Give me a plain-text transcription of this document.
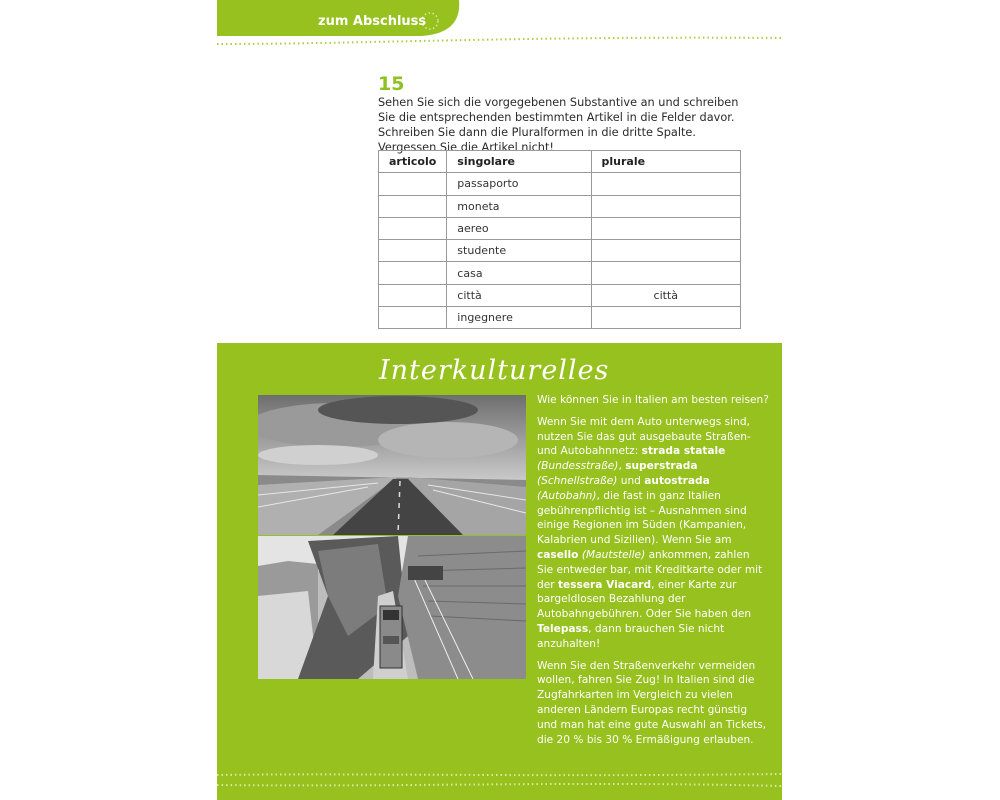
zum Abschluss
15
Sehen Sie sich die vorgegebenen Substantive an und schreiben Sie die entsprechenden bestimmten Artikel in die Felder davor. Schreiben Sie dann die Pluralformen in die dritte Spalte. Vergessen Sie die Artikel nicht!
articolo	singolare	plurale
	passaporto	
	moneta	
	aereo	
	studente	
	casa	
	città	città
	ingegnere	
Interkulturelles

Wie können Sie in Italien am besten reisen?

Wenn Sie mit dem Auto unterwegs sind, nutzen Sie das gut ausgebaute Straßen- und Autobahnnetz: strada statale (Bundesstraße), superstrada (Schnellstraße) und autostrada (Autobahn), die fast in ganz Italien gebührenpflichtig ist – Ausnahmen sind einige Regionen im Süden (Kampanien, Kalabrien und Sizilien). Wenn Sie am casello (Mautstelle) ankommen, zahlen Sie entweder bar, mit Kreditkarte oder mit der tessera Viacard, einer Karte zur bargeldlosen Bezahlung der Autobahngebühren. Oder Sie haben den Telepass, dann brauchen Sie nicht anzuhalten!

Wenn Sie den Straßenverkehr vermeiden wollen, fahren Sie Zug! In Italien sind die Zugfahrkarten im Vergleich zu vielen anderen Ländern Europas recht günstig und man hat eine gute Auswahl an Tickets, die 20 % bis 30 % Ermäßigung erlauben.
